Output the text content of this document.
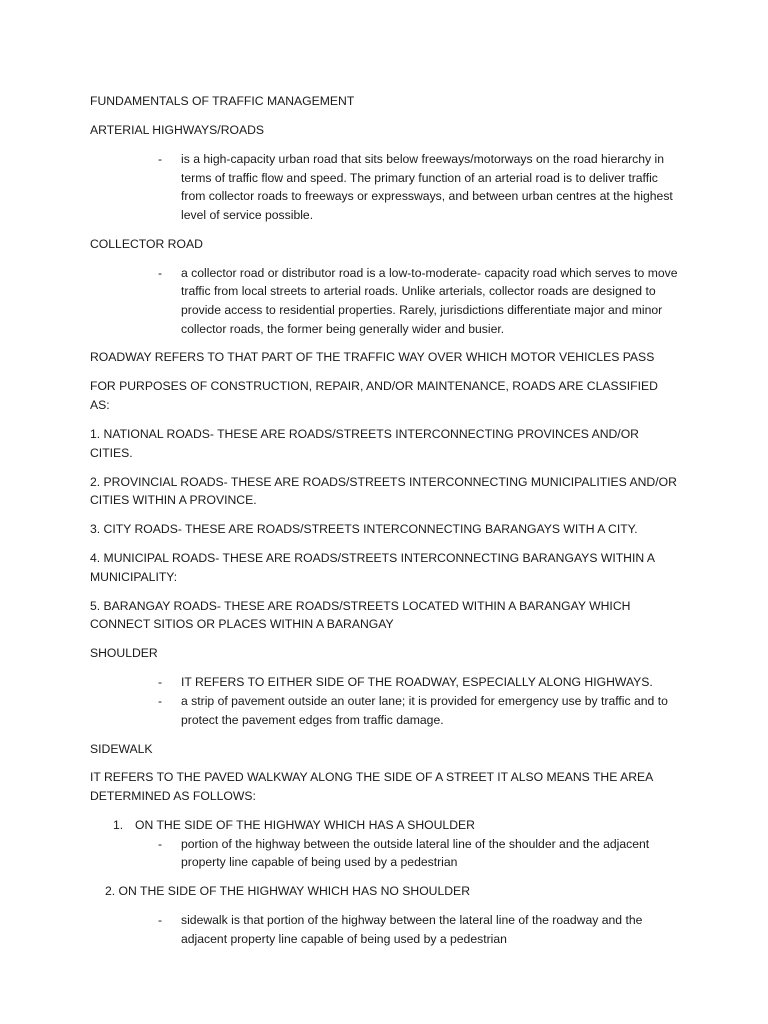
FUNDAMENTALS OF TRAFFIC MANAGEMENT

ARTERIAL HIGHWAYS/ROADS

- is a high-capacity urban road that sits below freeways/motorways on the road hierarchy in terms of traffic flow and speed. The primary function of an arterial road is to deliver traffic from collector roads to freeways or expressways, and between urban centres at the highest level of service possible.

COLLECTOR ROAD

- a collector road or distributor road is a low-to-moderate- capacity road which serves to move traffic from local streets to arterial roads. Unlike arterials, collector roads are designed to provide access to residential properties. Rarely, jurisdictions differentiate major and minor collector roads, the former being generally wider and busier.

ROADWAY REFERS TO THAT PART OF THE TRAFFIC WAY OVER WHICH MOTOR VEHICLES PASS

FOR PURPOSES OF CONSTRUCTION, REPAIR, AND/OR MAINTENANCE, ROADS ARE CLASSIFIED AS:

1. NATIONAL ROADS- THESE ARE ROADS/STREETS INTERCONNECTING PROVINCES AND/OR CITIES.

2. PROVINCIAL ROADS- THESE ARE ROADS/STREETS INTERCONNECTING MUNICIPALITIES AND/OR CITIES WITHIN A PROVINCE.

3. CITY ROADS- THESE ARE ROADS/STREETS INTERCONNECTING BARANGAYS WITH A CITY.

4. MUNICIPAL ROADS- THESE ARE ROADS/STREETS INTERCONNECTING BARANGAYS WITHIN A MUNICIPALITY:

5. BARANGAY ROADS- THESE ARE ROADS/STREETS LOCATED WITHIN A BARANGAY WHICH CONNECT SITIOS OR PLACES WITHIN A BARANGAY

SHOULDER

- IT REFERS TO EITHER SIDE OF THE ROADWAY, ESPECIALLY ALONG HIGHWAYS.
- a strip of pavement outside an outer lane; it is provided for emergency use by traffic and to protect the pavement edges from traffic damage.

SIDEWALK

IT REFERS TO THE PAVED WALKWAY ALONG THE SIDE OF A STREET IT ALSO MEANS THE AREA DETERMINED AS FOLLOWS:

1. ON THE SIDE OF THE HIGHWAY WHICH HAS A SHOULDER
- portion of the highway between the outside lateral line of the shoulder and the adjacent property line capable of being used by a pedestrian

2. ON THE SIDE OF THE HIGHWAY WHICH HAS NO SHOULDER

- sidewalk is that portion of the highway between the lateral line of the roadway and the adjacent property line capable of being used by a pedestrian
